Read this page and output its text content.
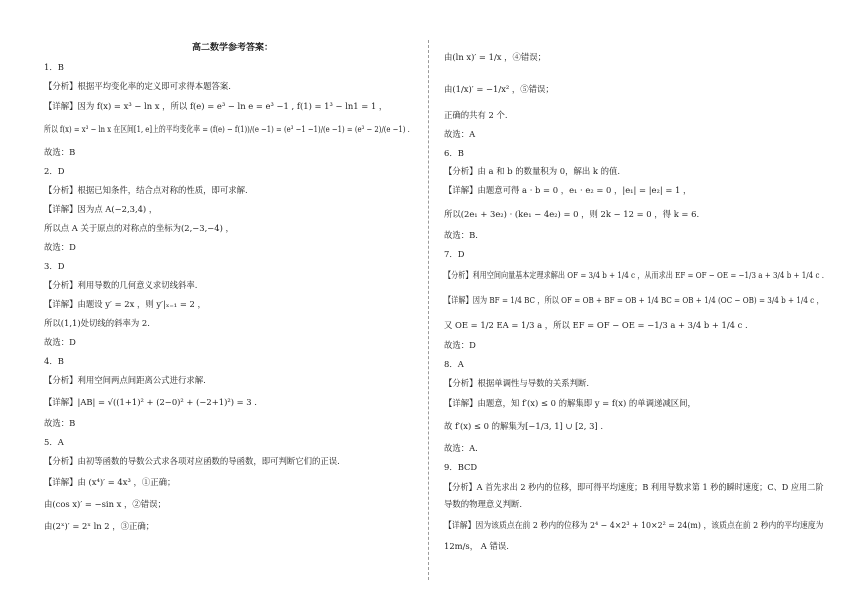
高二数学参考答案：
1．B
【分析】根据平均变化率的定义即可求得本题答案.
【详解】因为 f(x) = x³ − ln x ，所以 f(e) = e³ − ln e = e³ −1 , f(1) = 1³ − ln1 = 1 ，
所以 f(x) = x³ − ln x 在区间[1, e]上的平均变化率 = (f(e) − f(1))/(e −1) = (e³ −1 −1)/(e −1) = (e³ − 2)/(e −1) .
故选：B
2．D
【分析】根据已知条件，结合点对称的性质，即可求解.
【详解】因为点 A(−2,3,4) ，
所以点 A 关于原点的对称点的坐标为(2,−3,−4) ，
故选：D
3．D
【分析】利用导数的几何意义求切线斜率.
【详解】由题设 y′ = 2x ，则 y′|ₓ₌₁ = 2 ，
所以(1,1)处切线的斜率为 2.
故选：D
4．B
【分析】利用空间两点间距离公式进行求解.
【详解】|AB| = √((1+1)² + (2−0)² + (−2+1)²) = 3 .
故选：B
5．A
【分析】由初等函数的导数公式求各项对应函数的导函数，即可判断它们的正误.
【详解】由 (x⁴)′ = 4x³ ，①正确；
由(cos x)′ = −sin x ，②错误；
由(2ˣ)′ = 2ˣ ln 2 ，③正确；
由(ln x)′ = 1/x ，④错误；
由(1/x)′ = −1/x² ，⑤错误；
正确的共有 2 个.
故选：A
6．B
【分析】由 a 和 b 的数量积为 0，解出 k 的值.
【详解】由题意可得 a · b = 0 ，e₁ · e₂ = 0 ，|e₁| = |e₂| = 1 ，
所以(2e₁ + 3e₂) · (ke₁ − 4e₂) = 0 ，则 2k − 12 = 0 ，得 k = 6.
故选：B.
7．D
【分析】利用空间向量基本定理求解出 OF = 3/4 b + 1/4 c ，从而求出 EF = OF − OE = −1/3 a + 3/4 b + 1/4 c .
【详解】因为 BF = 1/4 BC ，所以 OF = OB + BF = OB + 1/4 BC = OB + 1/4 (OC − OB) = 3/4 b + 1/4 c ，
又 OE = 1/2 EA = 1/3 a ，所以 EF = OF − OE = −1/3 a + 3/4 b + 1/4 c .
故选：D
8．A
【分析】根据单调性与导数的关系判断.
【详解】由题意，知 f′(x) ≤ 0 的解集即 y = f(x) 的单调递减区间，
故 f′(x) ≤ 0 的解集为[−1/3, 1] ∪ [2, 3] .
故选：A.
9．BCD
【分析】A 首先求出 2 秒内的位移，即可得平均速度；B 利用导数求第 1 秒的瞬时速度；C、D 应用二阶
导数的物理意义判断.
【详解】因为该质点在前 2 秒内的位移为 2⁴ − 4×2³ + 10×2² = 24(m) ，该质点在前 2 秒内的平均速度为
12m/s， A 错误.
